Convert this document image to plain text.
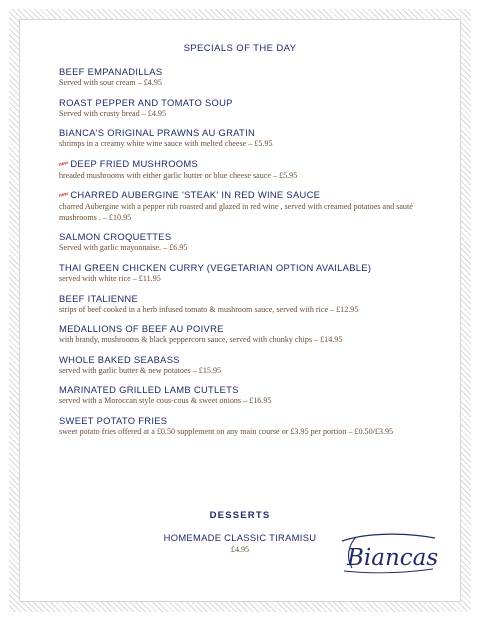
SPECIALS OF THE DAY
BEEF EMPANADILLAS
Served with sour cream – £4.95
ROAST PEPPER AND TOMATO SOUP
Served with crusty bread – £4.95
BIANCA'S ORIGINAL PRAWNS AU GRATIN
shrimps in a creamy white wine sauce with melted cheese – £5.95
new DEEP FRIED MUSHROOMS
breaded mushrooms with either garlic butter or blue cheese sauce – £5.95
new CHARRED AUBERGINE 'STEAK' IN RED WINE SAUCE
charred Aubergine with a pepper rub roasted and glazed in red wine , served with creamed potatoes and sauté mushrooms . – £10.95
SALMON CROQUETTES
Served with garlic mayonnaise. – £6.95
THAI GREEN CHICKEN CURRY (VEGETARIAN OPTION AVAILABLE)
served with white rice – £11.95
BEEF ITALIENNE
strips of beef cooked in a herb infused tomato & mushroom sauce, served with rice – £12.95
MEDALLIONS OF BEEF AU POIVRE
with brandy, mushrooms & black peppercorn sauce, served with chunky chips – £14.95
WHOLE BAKED SEABASS
served with garlic butter & new potatoes – £15.95
MARINATED GRILLED LAMB CUTLETS
served with a Moroccan style cous-cous & sweet onions – £16.95
SWEET POTATO FRIES
sweet potato fries offered at a £0.50 supplement on any main course or £3.95 per portion – £0.50/£3.95
DESSERTS
HOMEMADE CLASSIC TIRAMISU
£4.95	Biancas
